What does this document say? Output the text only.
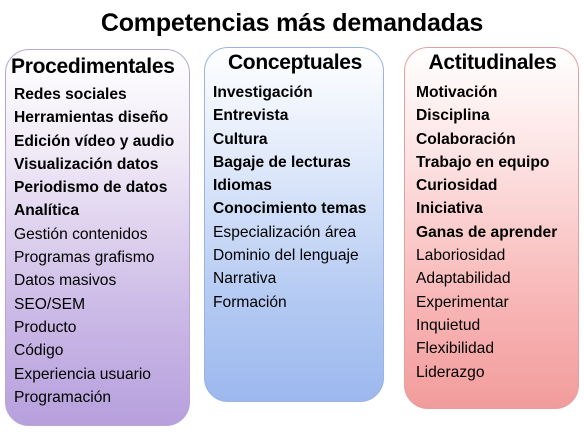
Competencias más demandadas
Procedimentales
Redes sociales
Herramientas diseño
Edición vídeo y audio
Visualización datos
Periodismo de datos
Analítica
Gestión contenidos
Programas grafismo
Datos masivos
SEO/SEM
Producto
Código
Experiencia usuario
Programación
Conceptuales
Investigación
Entrevista
Cultura
Bagaje de lecturas
Idiomas
Conocimiento temas
Especialización área
Dominio del lenguaje
Narrativa
Formación
Actitudinales
Motivación
Disciplina
Colaboración
Trabajo en equipo
Curiosidad
Iniciativa
Ganas de aprender
Laboriosidad
Adaptabilidad
Experimentar
Inquietud
Flexibilidad
Liderazgo
